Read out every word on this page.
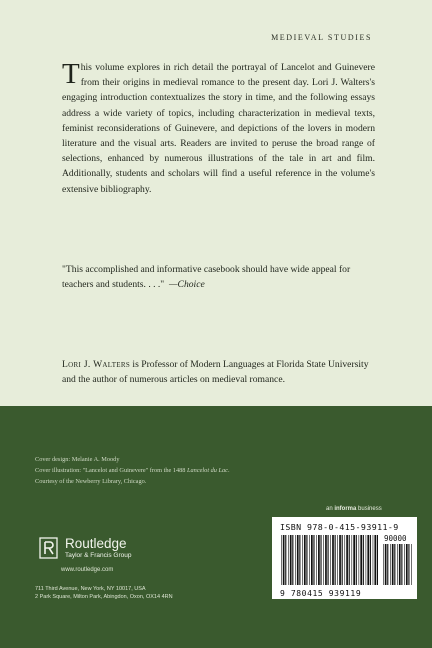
MEDIEVAL STUDIES
This volume explores in rich detail the portrayal of Lancelot and Guinevere from their origins in medieval romance to the present day. Lori J. Walters's engaging introduction contextualizes the story in time, and the following essays address a wide variety of topics, including characterization in medieval texts, feminist reconsiderations of Guinevere, and depictions of the lovers in modern literature and the visual arts. Readers are invited to peruse the broad range of selections, enhanced by numerous illustrations of the tale in art and film. Additionally, students and scholars will find a useful reference in the volume's extensive bibliography.
"This accomplished and informative casebook should have wide appeal for teachers and students. . . ." —Choice
Lori J. Walters is Professor of Modern Languages at Florida State University and the author of numerous articles on medieval romance.
Cover design: Melanie A. Moody
Cover illustration: "Lancelot and Guinevere" from the 1488 Lancelot du Lac.
Courtesy of the Newberry Library, Chicago.
an informa business
Routledge
Taylor & Francis Group
www.routledge.com
711 Third Avenue, New York, NY 10017, USA
2 Park Square, Milton Park, Abingdon, Oxon, OX14 4RN
ISBN 978-0-415-93911-9
90000
9 780415 939119
